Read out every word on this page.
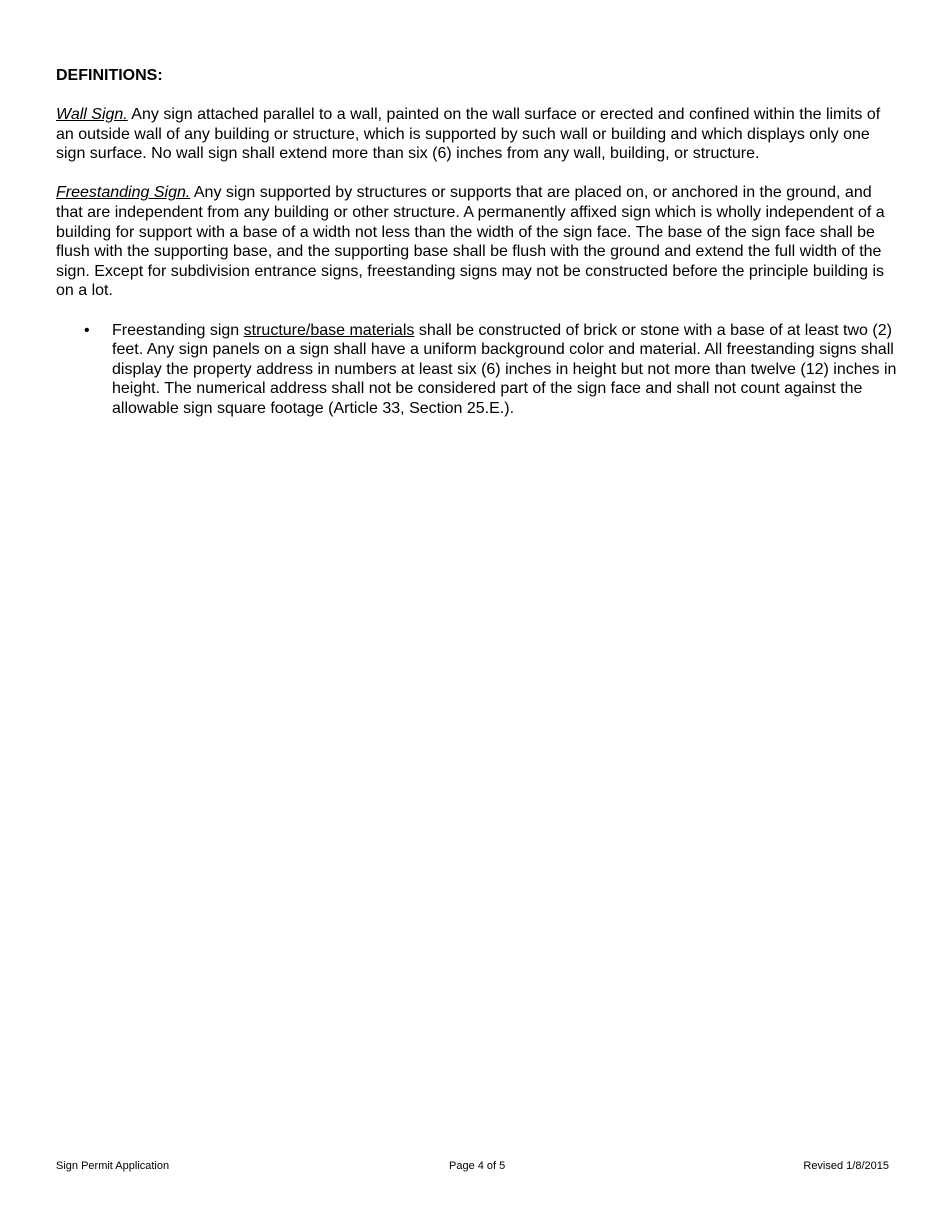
DEFINITIONS:

Wall Sign. Any sign attached parallel to a wall, painted on the wall surface or erected and confined within the limits of an outside wall of any building or structure, which is supported by such wall or building and which displays only one sign surface. No wall sign shall extend more than six (6) inches from any wall, building, or structure.

Freestanding Sign. Any sign supported by structures or supports that are placed on, or anchored in the ground, and that are independent from any building or other structure. A permanently affixed sign which is wholly independent of a building for support with a base of a width not less than the width of the sign face. The base of the sign face shall be flush with the supporting base, and the supporting base shall be flush with the ground and extend the full width of the sign. Except for subdivision entrance signs, freestanding signs may not be constructed before the principle building is on a lot.

• Freestanding sign structure/base materials shall be constructed of brick or stone with a base of at least two (2) feet. Any sign panels on a sign shall have a uniform background color and material. All freestanding signs shall display the property address in numbers at least six (6) inches in height but not more than twelve (12) inches in height. The numerical address shall not be considered part of the sign face and shall not count against the allowable sign square footage (Article 33, Section 25.E.).
Sign Permit Application	Page 4 of 5	Revised 1/8/2015
